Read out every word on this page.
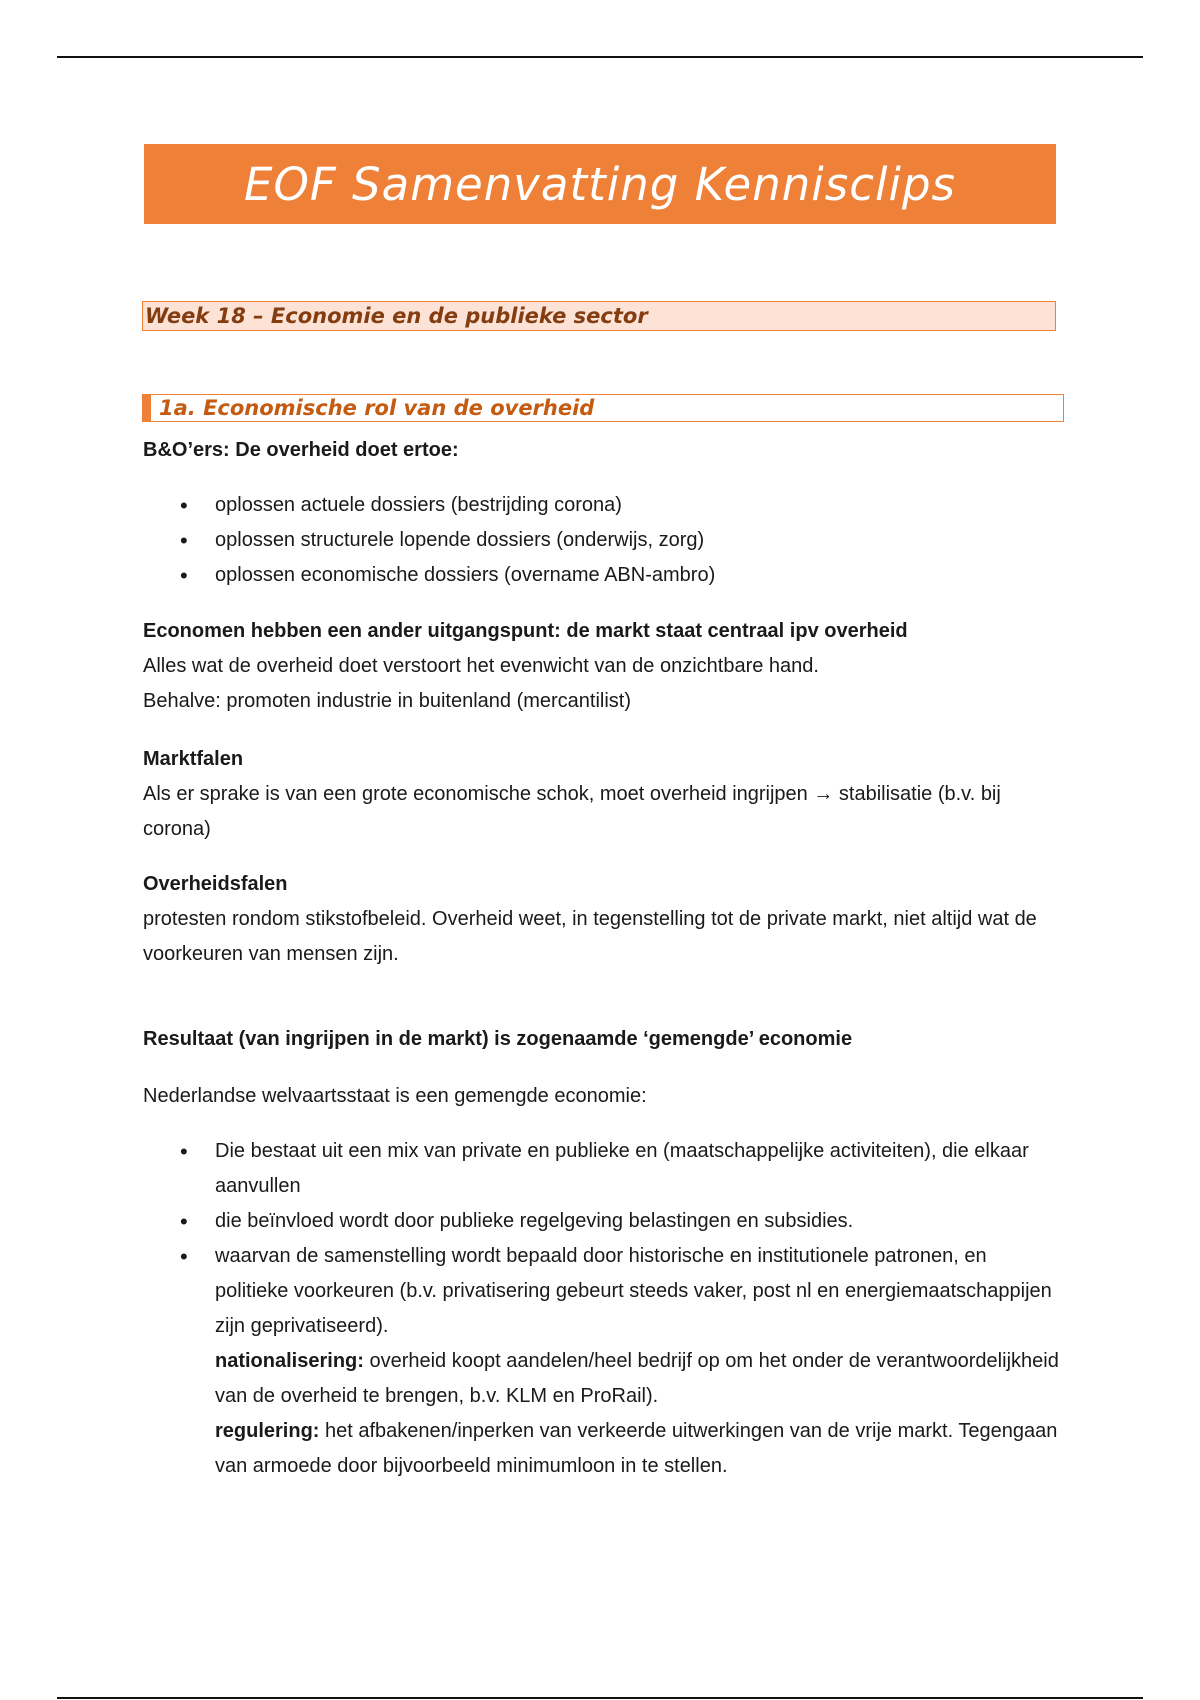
EOF Samenvatting Kennisclips
Week 18 – Economie en de publieke sector
1a. Economische rol van de overheid

B&O’ers: De overheid doet ertoe:

• oplossen actuele dossiers (bestrijding corona)
• oplossen structurele lopende dossiers (onderwijs, zorg)
• oplossen economische dossiers (overname ABN-ambro)

Economen hebben een ander uitgangspunt: de markt staat centraal ipv overheid

Alles wat de overheid doet verstoort het evenwicht van de onzichtbare hand.

Behalve: promoten industrie in buitenland (mercantilist)

Marktfalen

Als er sprake is van een grote economische schok, moet overheid ingrijpen → stabilisatie (b.v. bij corona)

Overheidsfalen

protesten rondom stikstofbeleid. Overheid weet, in tegenstelling tot de private markt, niet altijd wat de voorkeuren van mensen zijn.

Resultaat (van ingrijpen in de markt) is zogenaamde ‘gemengde’ economie

Nederlandse welvaartsstaat is een gemengde economie:

• Die bestaat uit een mix van private en publieke en (maatschappelijke activiteiten), die elkaar aanvullen
• die beïnvloed wordt door publieke regelgeving belastingen en subsidies.
• waarvan de samenstelling wordt bepaald door historische en institutionele patronen, en politieke voorkeuren (b.v. privatisering gebeurt steeds vaker, post nl en energiemaatschappijen zijn geprivatiseerd).
nationalisering: overheid koopt aandelen/heel bedrijf op om het onder de verantwoordelijkheid van de overheid te brengen, b.v. KLM en ProRail).
regulering: het afbakenen/inperken van verkeerde uitwerkingen van de vrije markt. Tegengaan van armoede door bijvoorbeeld minimumloon in te stellen.
